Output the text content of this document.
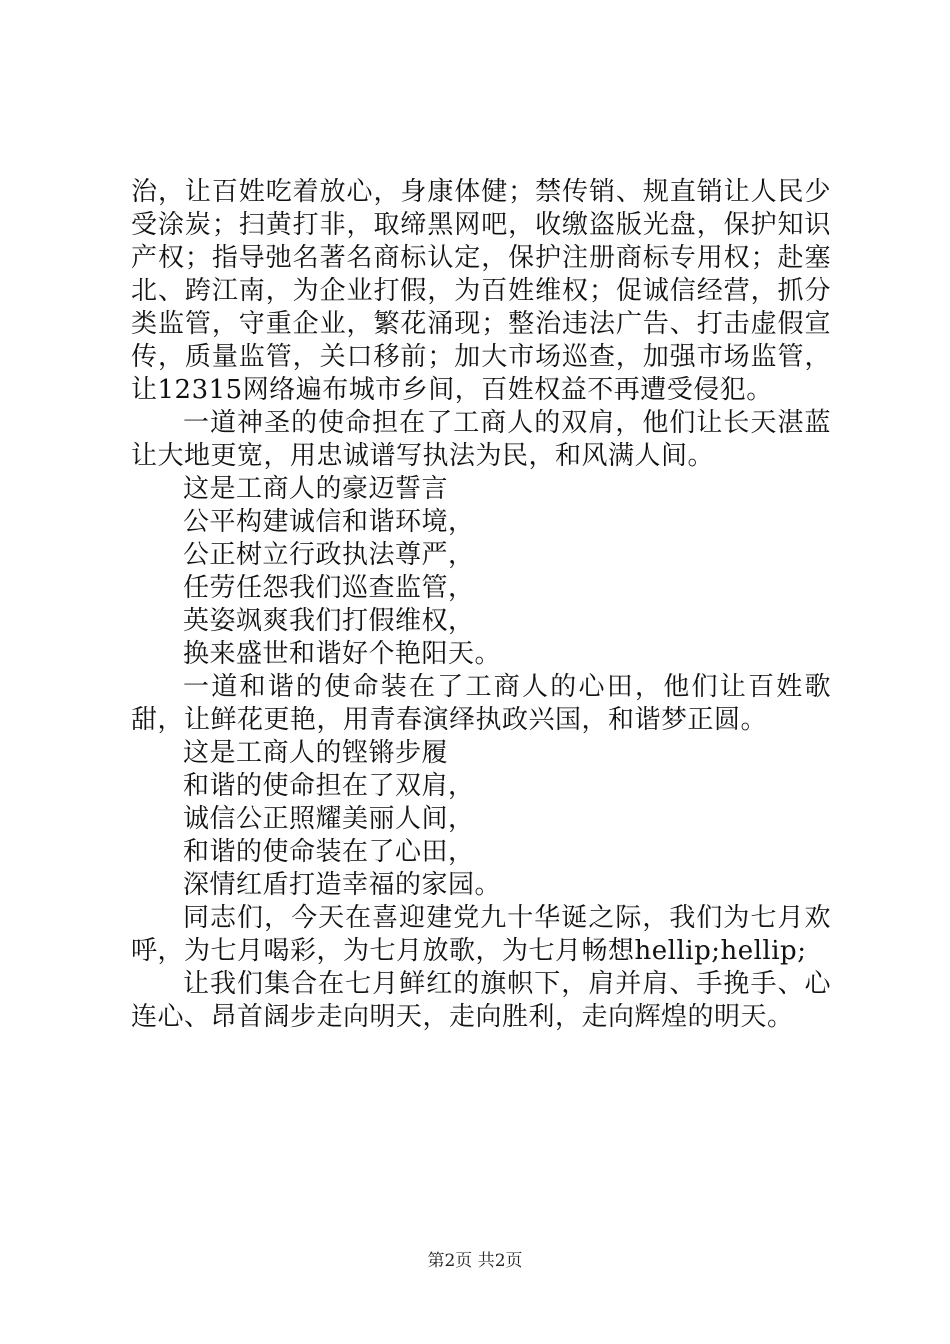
治，让百姓吃着放心，身康体健；禁传销、规直销让人民少受涂炭；扫黄打非，取缔黑网吧，收缴盗版光盘，保护知识产权；指导弛名著名商标认定，保护注册商标专用权；赴塞北、跨江南，为企业打假，为百姓维权；促诚信经营，抓分类监管，守重企业，繁花涌现；整治违法广告、打击虚假宣传，质量监管，关口移前；加大市场巡查，加强市场监管，让12315网络遍布城市乡间，百姓权益不再遭受侵犯。

一道神圣的使命担在了工商人的双肩，他们让长天湛蓝让大地更宽，用忠诚谱写执法为民，和风满人间。

这是工商人的豪迈誓言

公平构建诚信和谐环境，

公正树立行政执法尊严，

任劳任怨我们巡查监管，

英姿飒爽我们打假维权，

换来盛世和谐好个艳阳天。

一道和谐的使命装在了工商人的心田，他们让百姓歌甜，让鲜花更艳，用青春演绎执政兴国，和谐梦正圆。

这是工商人的铿锵步履

和谐的使命担在了双肩，

诚信公正照耀美丽人间，

和谐的使命装在了心田，

深情红盾打造幸福的家园。

同志们，今天在喜迎建党九十华诞之际，我们为七月欢呼，为七月喝彩，为七月放歌，为七月畅想hellip;hellip;

让我们集合在七月鲜红的旗帜下，肩并肩、手挽手、心连心、昂首阔步走向明天，走向胜利，走向辉煌的明天。

第2页 共2页
